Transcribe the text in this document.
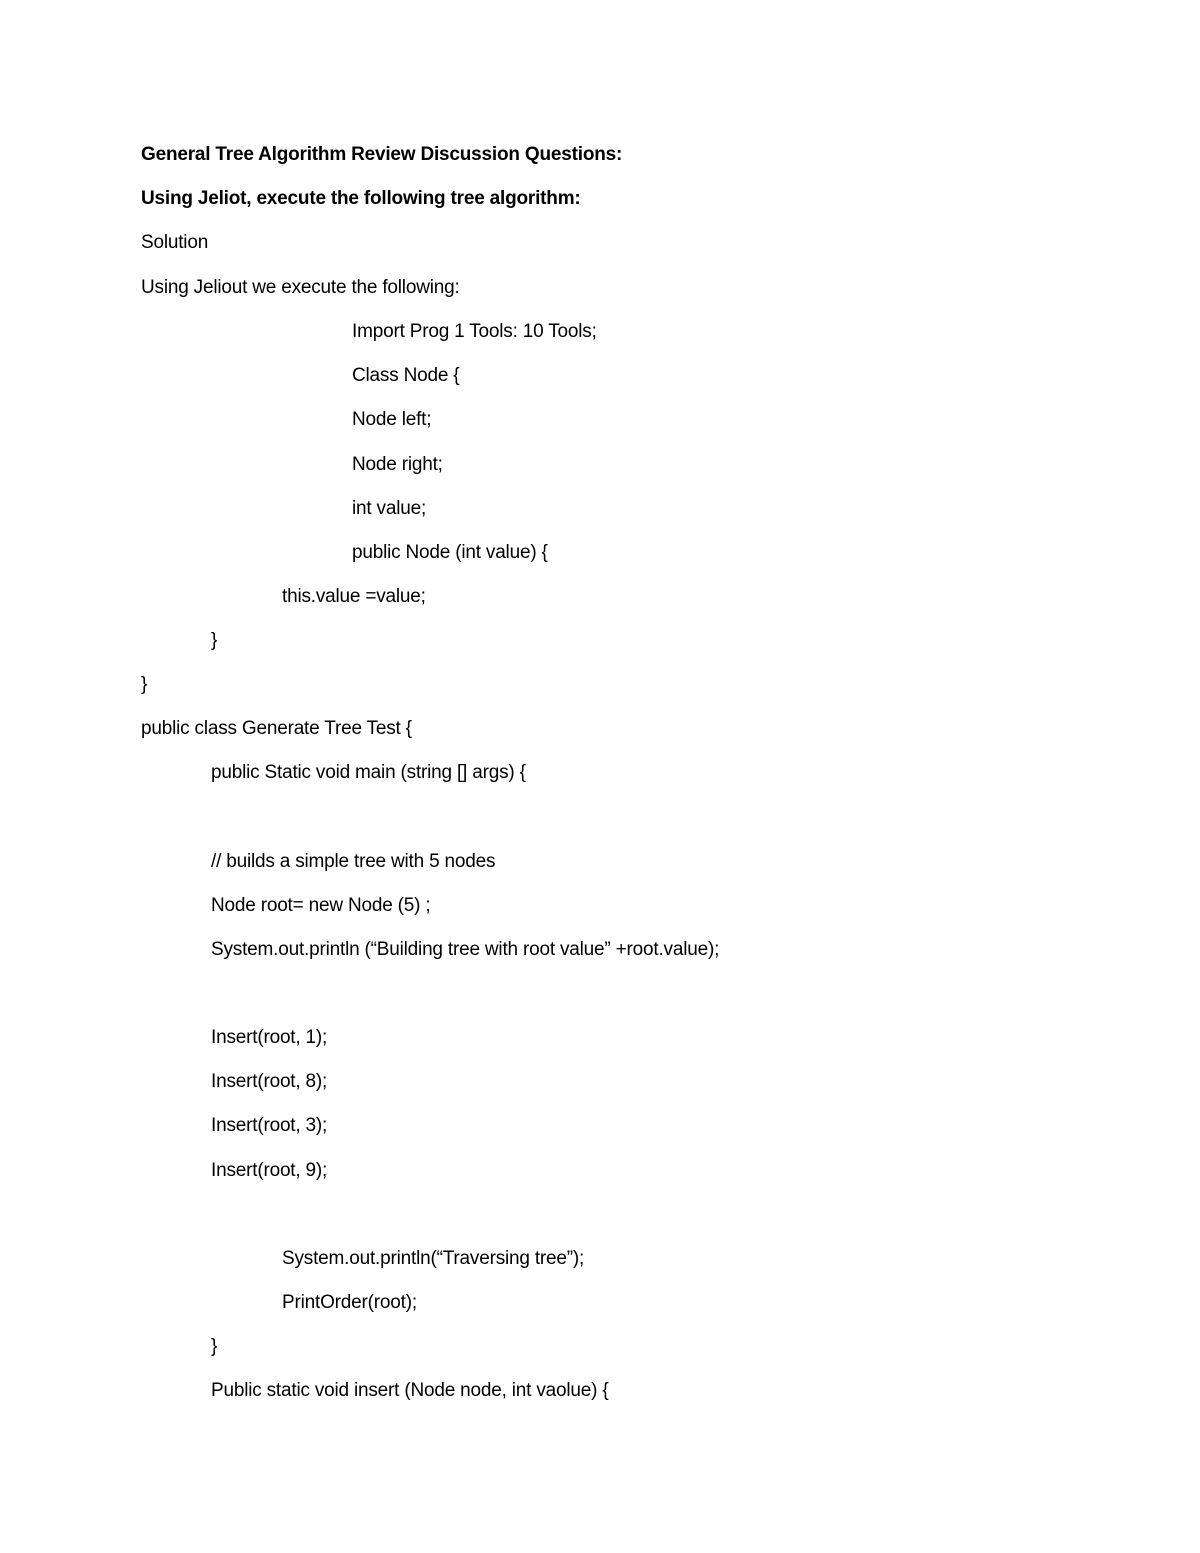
General Tree Algorithm Review Discussion Questions:
Using Jeliot, execute the following tree algorithm:
Solution
Using Jeliout we execute the following:
Import Prog 1 Tools: 10 Tools;
Class Node {
Node left;
Node right;
int value;
public Node (int value) {
this.value =value;
}
}
public class Generate Tree Test {
public Static void main (string [] args) {
// builds a simple tree with 5 nodes
Node root= new Node (5) ;
System.out.println (“Building tree with root value” +root.value);
Insert(root, 1);
Insert(root, 8);
Insert(root, 3);
Insert(root, 9);
System.out.println(“Traversing tree”);
PrintOrder(root);
}
Public static void insert (Node node, int vaolue) {
